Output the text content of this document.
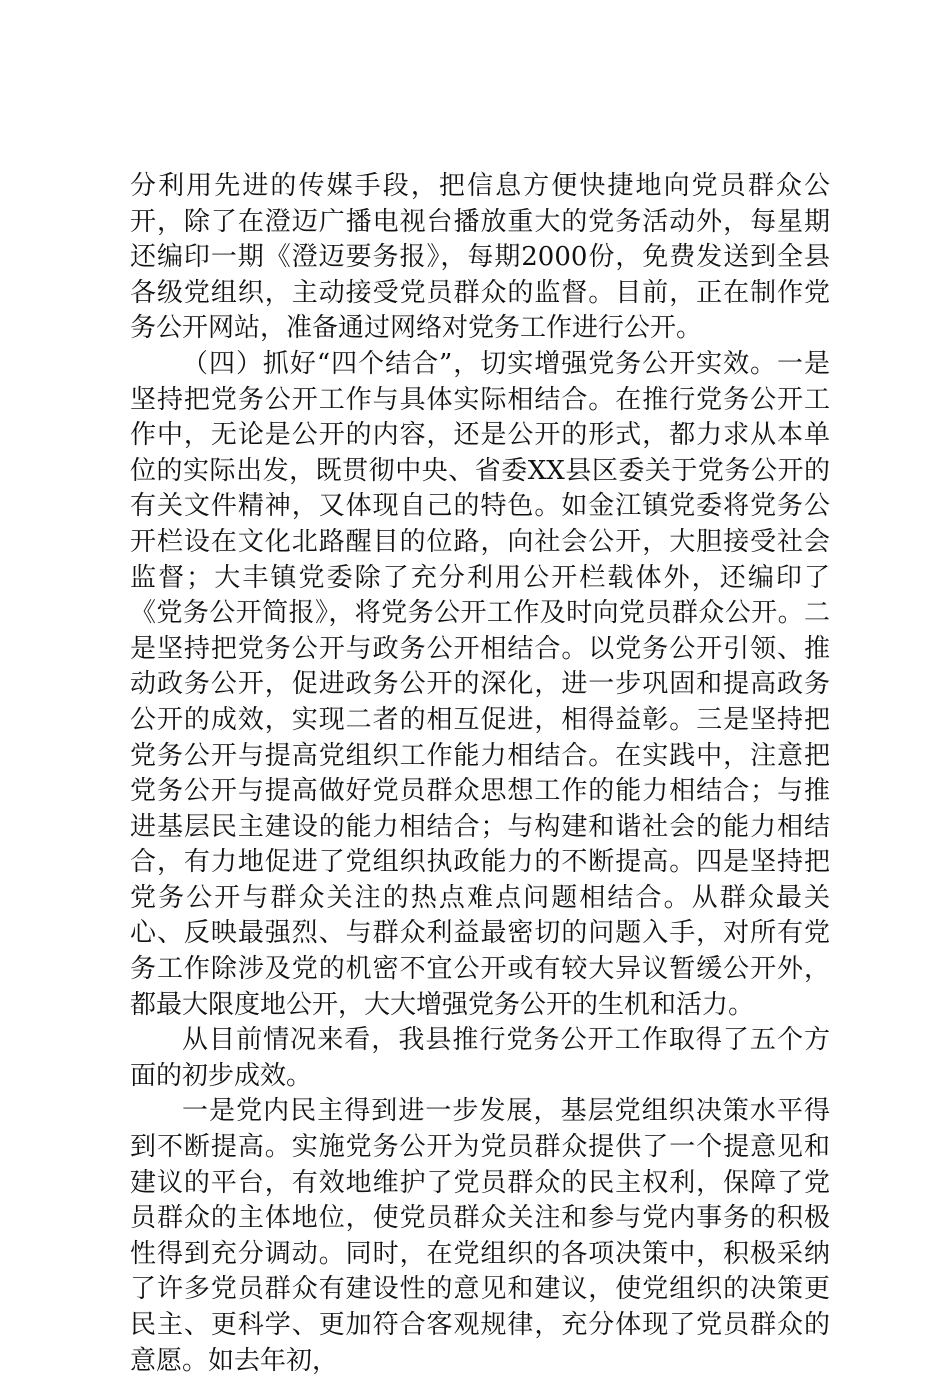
分利用先进的传媒手段，把信息方便快捷地向党员群众公开，除了在澄迈广播电视台播放重大的党务活动外，每星期还编印一期《澄迈要务报》，每期2000份，免费发送到全县各级党组织，主动接受党员群众的监督。目前，正在制作党务公开网站，准备通过网络对党务工作进行公开。

（四）抓好“四个结合”，切实增强党务公开实效。一是坚持把党务公开工作与具体实际相结合。在推行党务公开工作中，无论是公开的内容，还是公开的形式，都力求从本单位的实际出发，既贯彻中央、省委XX县区委关于党务公开的有关文件精神，又体现自己的特色。如金江镇党委将党务公开栏设在文化北路醒目的位路，向社会公开，大胆接受社会监督；大丰镇党委除了充分利用公开栏载体外，还编印了《党务公开简报》，将党务公开工作及时向党员群众公开。二是坚持把党务公开与政务公开相结合。以党务公开引领、推动政务公开，促进政务公开的深化，进一步巩固和提高政务公开的成效，实现二者的相互促进，相得益彰。三是坚持把党务公开与提高党组织工作能力相结合。在实践中，注意把党务公开与提高做好党员群众思想工作的能力相结合；与推进基层民主建设的能力相结合；与构建和谐社会的能力相结合，有力地促进了党组织执政能力的不断提高。四是坚持把党务公开与群众关注的热点难点问题相结合。从群众最关心、反映最强烈、与群众利益最密切的问题入手，对所有党务工作除涉及党的机密不宜公开或有较大异议暂缓公开外，都最大限度地公开，大大增强党务公开的生机和活力。

从目前情况来看，我县推行党务公开工作取得了五个方面的初步成效。

一是党内民主得到进一步发展，基层党组织决策水平得到不断提高。实施党务公开为党员群众提供了一个提意见和建议的平台，有效地维护了党员群众的民主权利，保障了党员群众的主体地位，使党员群众关注和参与党内事务的积极性得到充分调动。同时，在党组织的各项决策中，积极采纳了许多党员群众有建设性的意见和建议，使党组织的决策更民主、更科学、更加符合客观规律，充分体现了党员群众的意愿。如去年初，
